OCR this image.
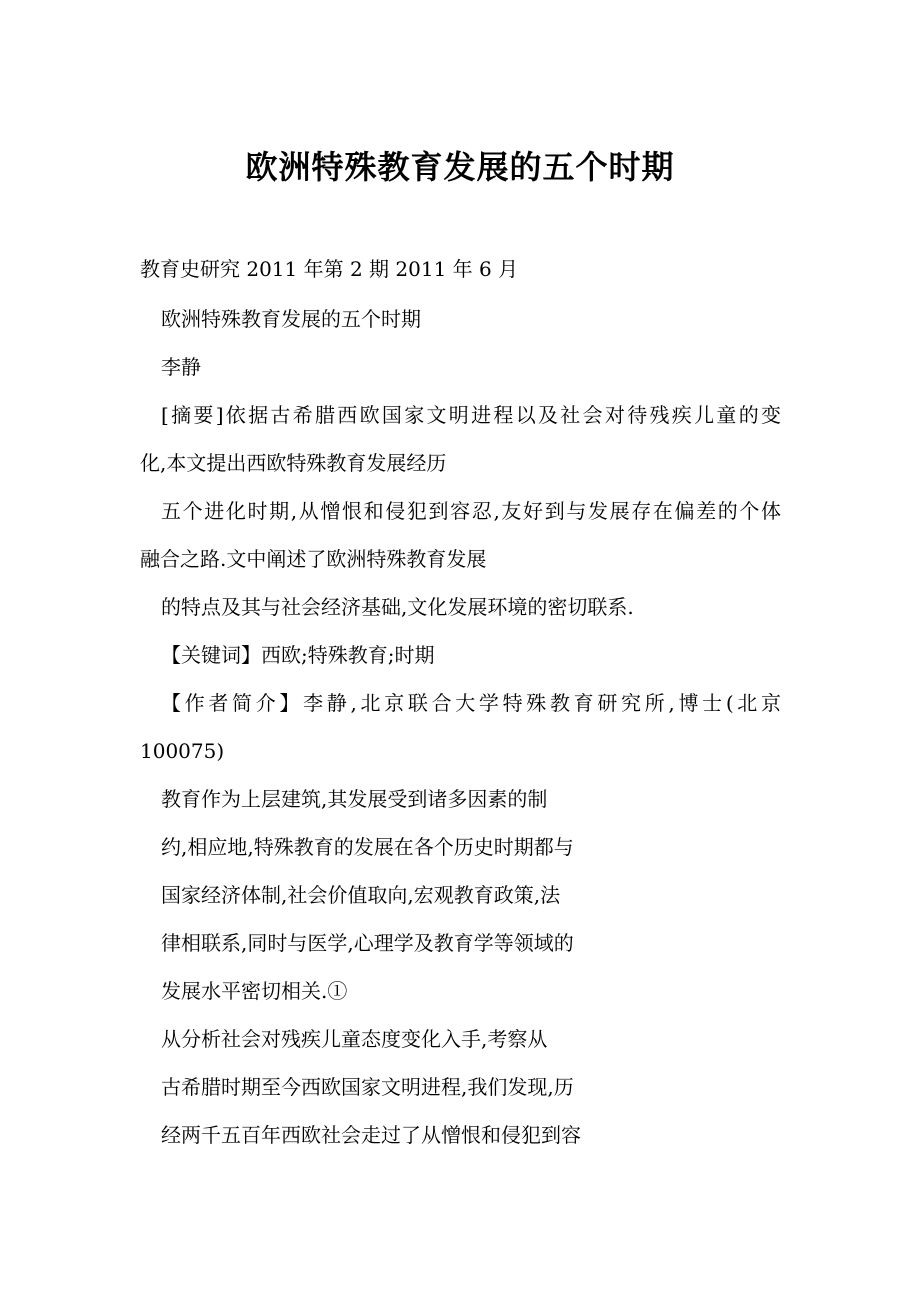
欧洲特殊教育发展的五个时期

教育史研究 2011 年第 2 期 2011 年 6 月

欧洲特殊教育发展的五个时期

李静

[摘要]依据古希腊西欧国家文明进程以及社会对待残疾儿童的变

化,本文提出西欧特殊教育发展经历

五个进化时期,从憎恨和侵犯到容忍,友好到与发展存在偏差的个体

融合之路.文中阐述了欧洲特殊教育发展

的特点及其与社会经济基础,文化发展环境的密切联系.

【关键词】西欧;特殊教育;时期

【作者简介】李静,北京联合大学特殊教育研究所,博士(北京

100075)

教育作为上层建筑,其发展受到诸多因素的制

约,相应地,特殊教育的发展在各个历史时期都与

国家经济体制,社会价值取向,宏观教育政策,法

律相联系,同时与医学,心理学及教育学等领域的

发展水平密切相关.①

从分析社会对残疾儿童态度变化入手,考察从

古希腊时期至今西欧国家文明进程,我们发现,历

经两千五百年西欧社会走过了从憎恨和侵犯到容
